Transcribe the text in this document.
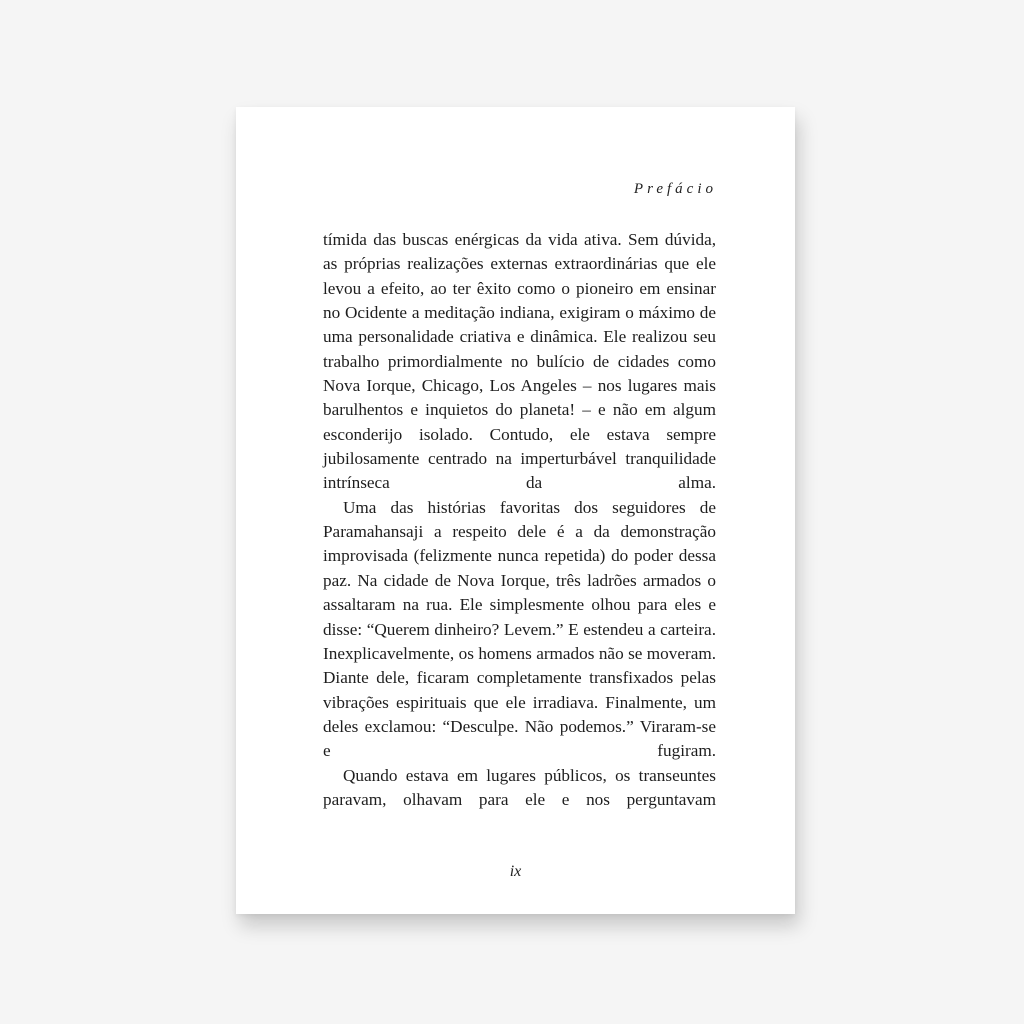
Prefácio

tímida das buscas enérgicas da vida ativa. Sem dúvida, as próprias realizações externas extraordinárias que ele levou a efeito, ao ter êxito como o pioneiro em ensinar no Ocidente a meditação indiana, exigiram o máximo de uma personalidade criativa e dinâmica. Ele realizou seu trabalho primordialmente no bulício de cidades como Nova Iorque, Chicago, Los Angeles – nos lugares mais barulhentos e inquietos do planeta! – e não em algum esconderijo isolado. Contudo, ele estava sempre jubilosamente centrado na imperturbável tranquilidade intrínseca da alma.

Uma das histórias favoritas dos seguidores de Paramahansaji a respeito dele é a da demonstração improvisada (felizmente nunca repetida) do poder dessa paz. Na cidade de Nova Iorque, três ladrões armados o assaltaram na rua. Ele simplesmente olhou para eles e disse: “Querem dinheiro? Levem.” E estendeu a carteira. Inexplicavelmente, os homens armados não se moveram. Diante dele, ficaram completamente transfixados pelas vibrações espirituais que ele irradiava. Finalmente, um deles exclamou: “Desculpe. Não podemos.” Viraram-se e fugiram.

Quando estava em lugares públicos, os transeuntes paravam, olhavam para ele e nos perguntavam

ix
